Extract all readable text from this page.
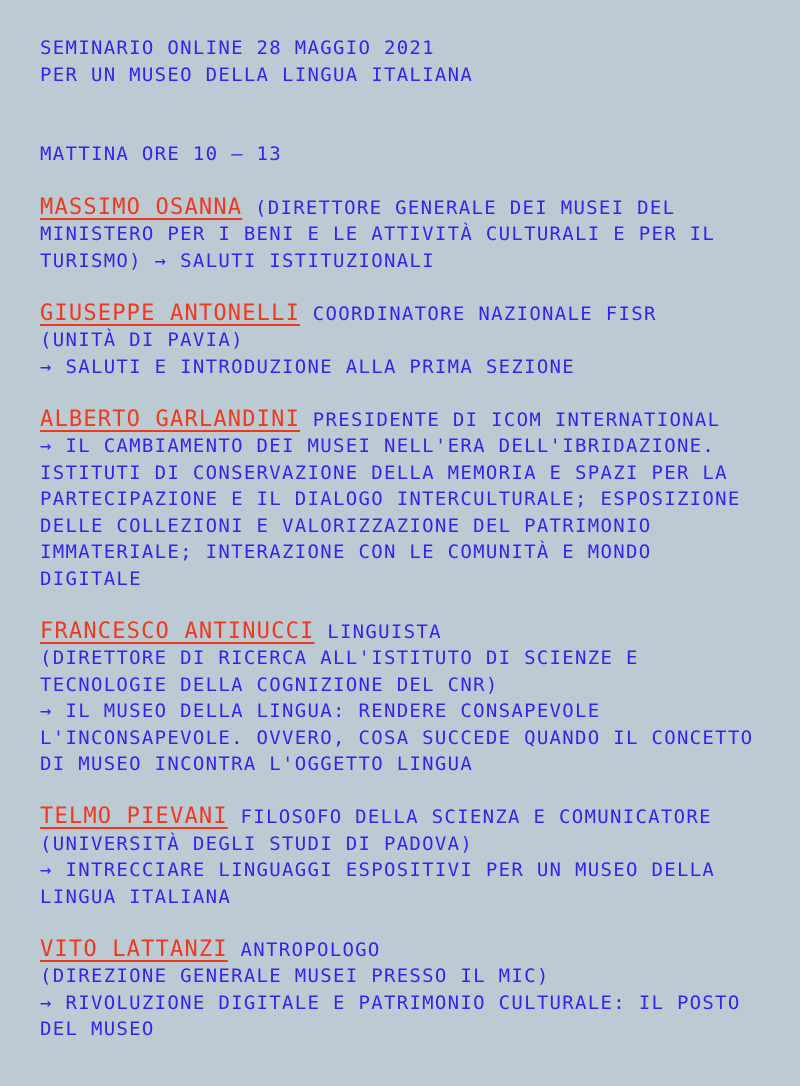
SEMINARIO ONLINE 28 MAGGIO 2021

PER UN MUSEO DELLA LINGUA ITALIANA

MATTINA ORE 10 – 13

MASSIMO OSANNA (DIRETTORE GENERALE DEI MUSEI DEL

MINISTERO PER I BENI E LE ATTIVITÀ CULTURALI E PER IL

TURISMO) → SALUTI ISTITUZIONALI

GIUSEPPE ANTONELLI COORDINATORE NAZIONALE FISR

(UNITÀ DI PAVIA)

→ SALUTI E INTRODUZIONE ALLA PRIMA SEZIONE

ALBERTO GARLANDINI PRESIDENTE DI ICOM INTERNATIONAL

→ IL CAMBIAMENTO DEI MUSEI NELL'ERA DELL'IBRIDAZIONE.

ISTITUTI DI CONSERVAZIONE DELLA MEMORIA E SPAZI PER LA

PARTECIPAZIONE E IL DIALOGO INTERCULTURALE; ESPOSIZIONE

DELLE COLLEZIONI E VALORIZZAZIONE DEL PATRIMONIO

IMMATERIALE; INTERAZIONE CON LE COMUNITÀ E MONDO

DIGITALE

FRANCESCO ANTINUCCI LINGUISTA

(DIRETTORE DI RICERCA ALL'ISTITUTO DI SCIENZE E

TECNOLOGIE DELLA COGNIZIONE DEL CNR)

→ IL MUSEO DELLA LINGUA: RENDERE CONSAPEVOLE

L'INCONSAPEVOLE. OVVERO, COSA SUCCEDE QUANDO IL CONCETTO

DI MUSEO INCONTRA L'OGGETTO LINGUA

TELMO PIEVANI FILOSOFO DELLA SCIENZA E COMUNICATORE

(UNIVERSITÀ DEGLI STUDI DI PADOVA)

→ INTRECCIARE LINGUAGGI ESPOSITIVI PER UN MUSEO DELLA

LINGUA ITALIANA

VITO LATTANZI ANTROPOLOGO

(DIREZIONE GENERALE MUSEI PRESSO IL MIC)

→ RIVOLUZIONE DIGITALE E PATRIMONIO CULTURALE: IL POSTO

DEL MUSEO
